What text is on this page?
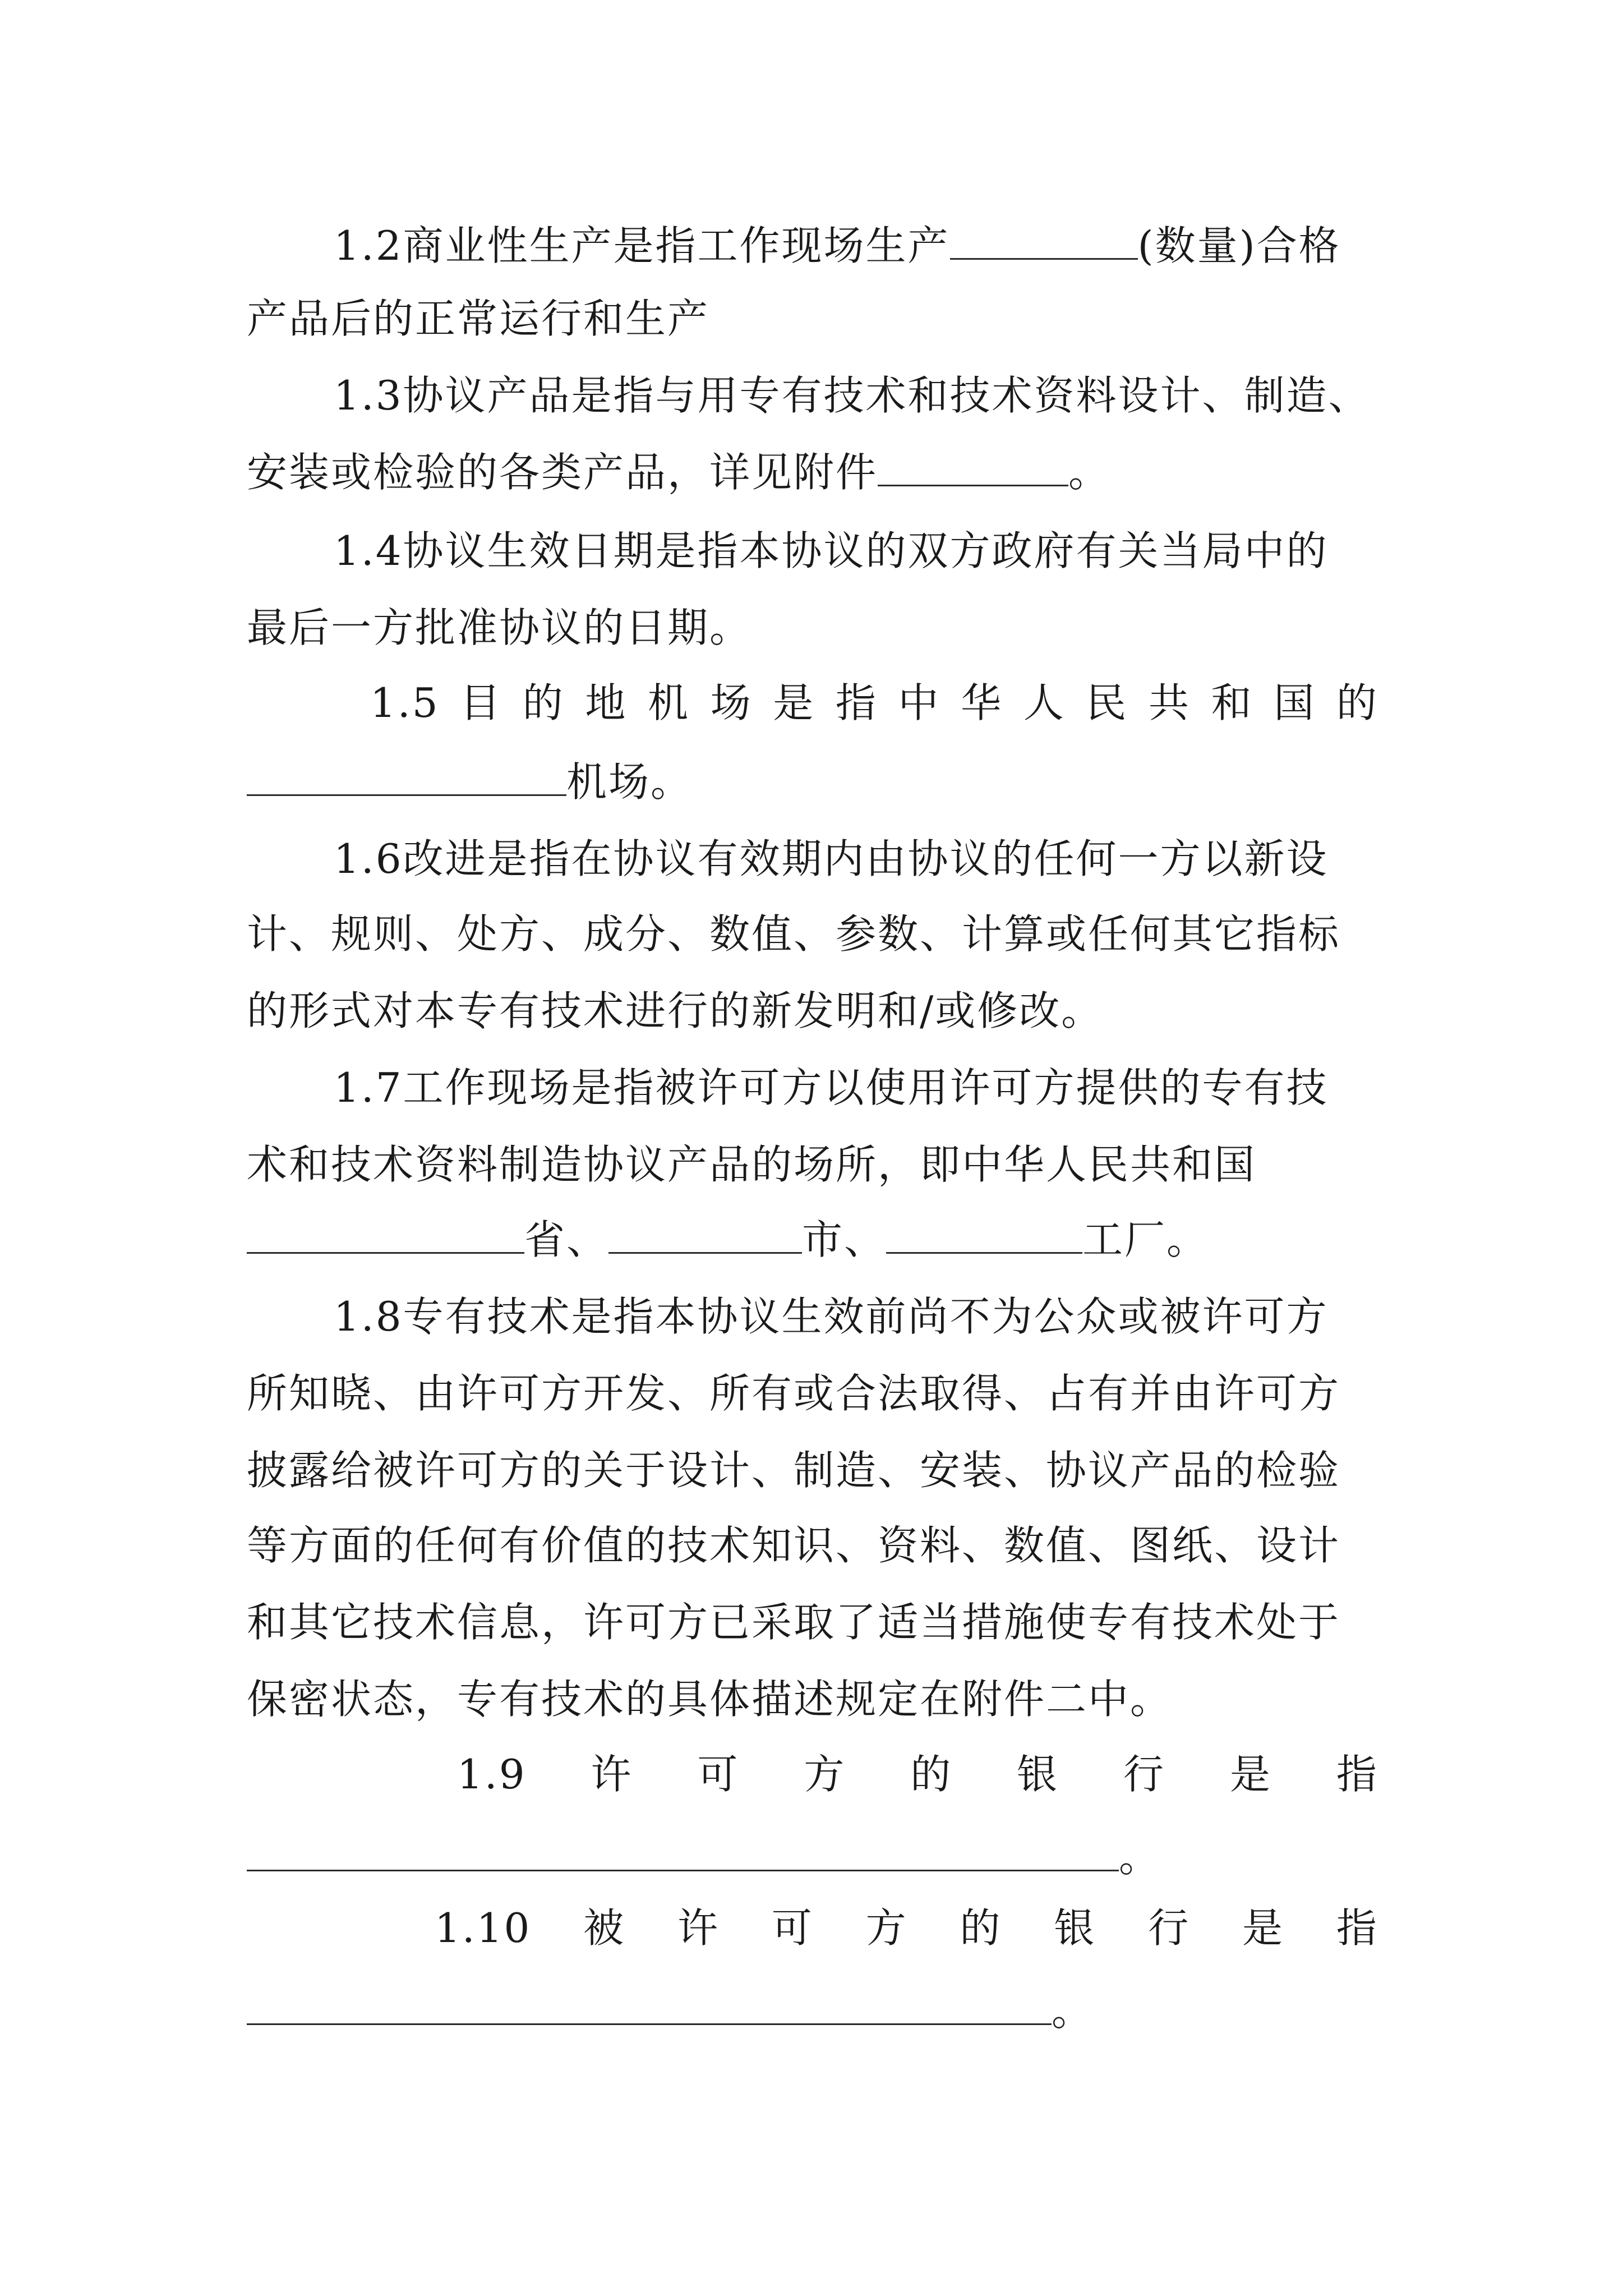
1.2商业性生产是指工作现场生产	(数量)合格
产品后的正常运行和生产
1.3协议产品是指与用专有技术和技术资料设计、制造、
安装或检验的各类产品，详见附件	。
1.4协议生效日期是指本协议的双方政府有关当局中的
最后一方批准协议的日期。
1.5 目 的 地 机 场 是 指 中 华 人 民 共 和 国 的
机场。
1.6改进是指在协议有效期内由协议的任何一方以新设
计、规则、处方、成分、数值、参数、计算或任何其它指标
的形式对本专有技术进行的新发明和/或修改。
1.7工作现场是指被许可方以使用许可方提供的专有技
术和技术资料制造协议产品的场所，即中华人民共和国
省、	市、	工厂。
1.8专有技术是指本协议生效前尚不为公众或被许可方
所知晓、由许可方开发、所有或合法取得、占有并由许可方
披露给被许可方的关于设计、制造、安装、协议产品的检验
等方面的任何有价值的技术知识、资料、数值、图纸、设计
和其它技术信息，许可方已采取了适当措施使专有技术处于
保密状态，专有技术的具体描述规定在附件二中。
1.9 许 可 方 的 银 行 是 指
。
1.10 被 许 可 方 的 银 行 是 指
。
